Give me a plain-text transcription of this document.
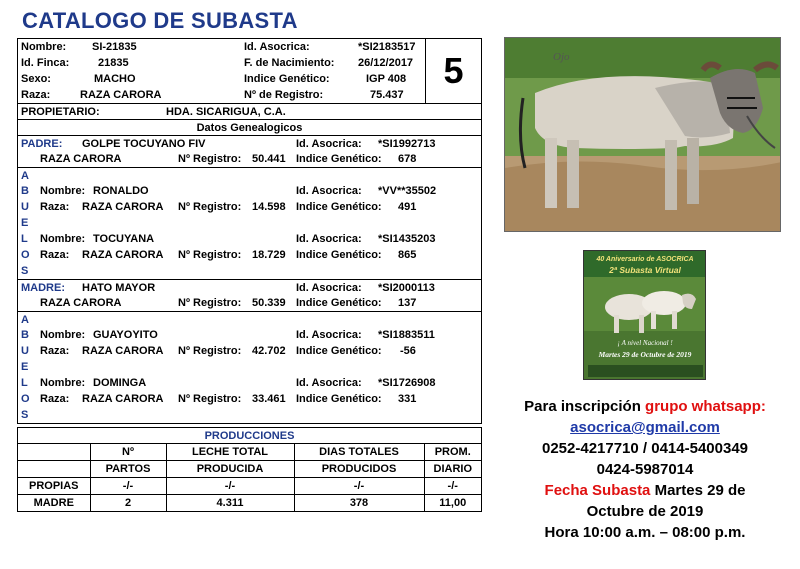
CATALOGO DE SUBASTA
5
Nombre: SI-21835	Id. Asocrica:	*SI2183517
Id. Finca:	21835	F. de Nacimiento: 26/12/2017
Sexo:	MACHO	Indice Genético:	IGP 408
Raza:	RAZA CARORA	Nº de Registro:	75.437
PROPIETARIO:	HDA. SICARIGUA, C.A.
Datos Genealogicos
PADRE: GOLPE TOCUYANO FIV	Id. Asocrica: *SI1992713
RAZA CARORA	Nº Registro: 50.441 Indice Genético: 678
A
B Nombre: RONALDO	Id. Asocrica: *VV**35502
U Raza: RAZA CARORA Nº Registro: 14.598 Indice Genético: 491
E
L Nombre: TOCUYANA	Id. Asocrica: *SI1435203
O Raza: RAZA CARORA Nº Registro: 18.729 Indice Genético: 865
S
MADRE: HATO MAYOR	Id. Asocrica: *SI2000113
RAZA CARORA	Nº Registro: 50.339 Indice Genético: 137
A
B Nombre: GUAYOYITO	Id. Asocrica: *SI1883511
U Raza: RAZA CARORA Nº Registro: 42.702 Indice Genético: -56
E
L Nombre: DOMINGA	Id. Asocrica: *SI1726908
O Raza: RAZA CARORA Nº Registro: 33.461 Indice Genético: 331
S
PRODUCCIONES
	Nº	LECHE TOTAL	DIAS TOTALES	PROM.
	PARTOS	PRODUCIDA	PRODUCIDOS	DIARIO
PROPIAS	-/-	-/-	-/-	-/-
MADRE	2	4.311	378	11,00
Ojo
40 Aniversario de ASOCRICA
2ª Subasta Virtual
¡ A nivel Nacional !
Martes 29 de Octubre de 2019
Para inscripción grupo whatsapp:
asocrica@gmail.com
0252-4217710 / 0414-5400349
0424-5987014
Fecha Subasta Martes 29 de
Octubre de 2019
Hora 10:00 a.m. – 08:00 p.m.
